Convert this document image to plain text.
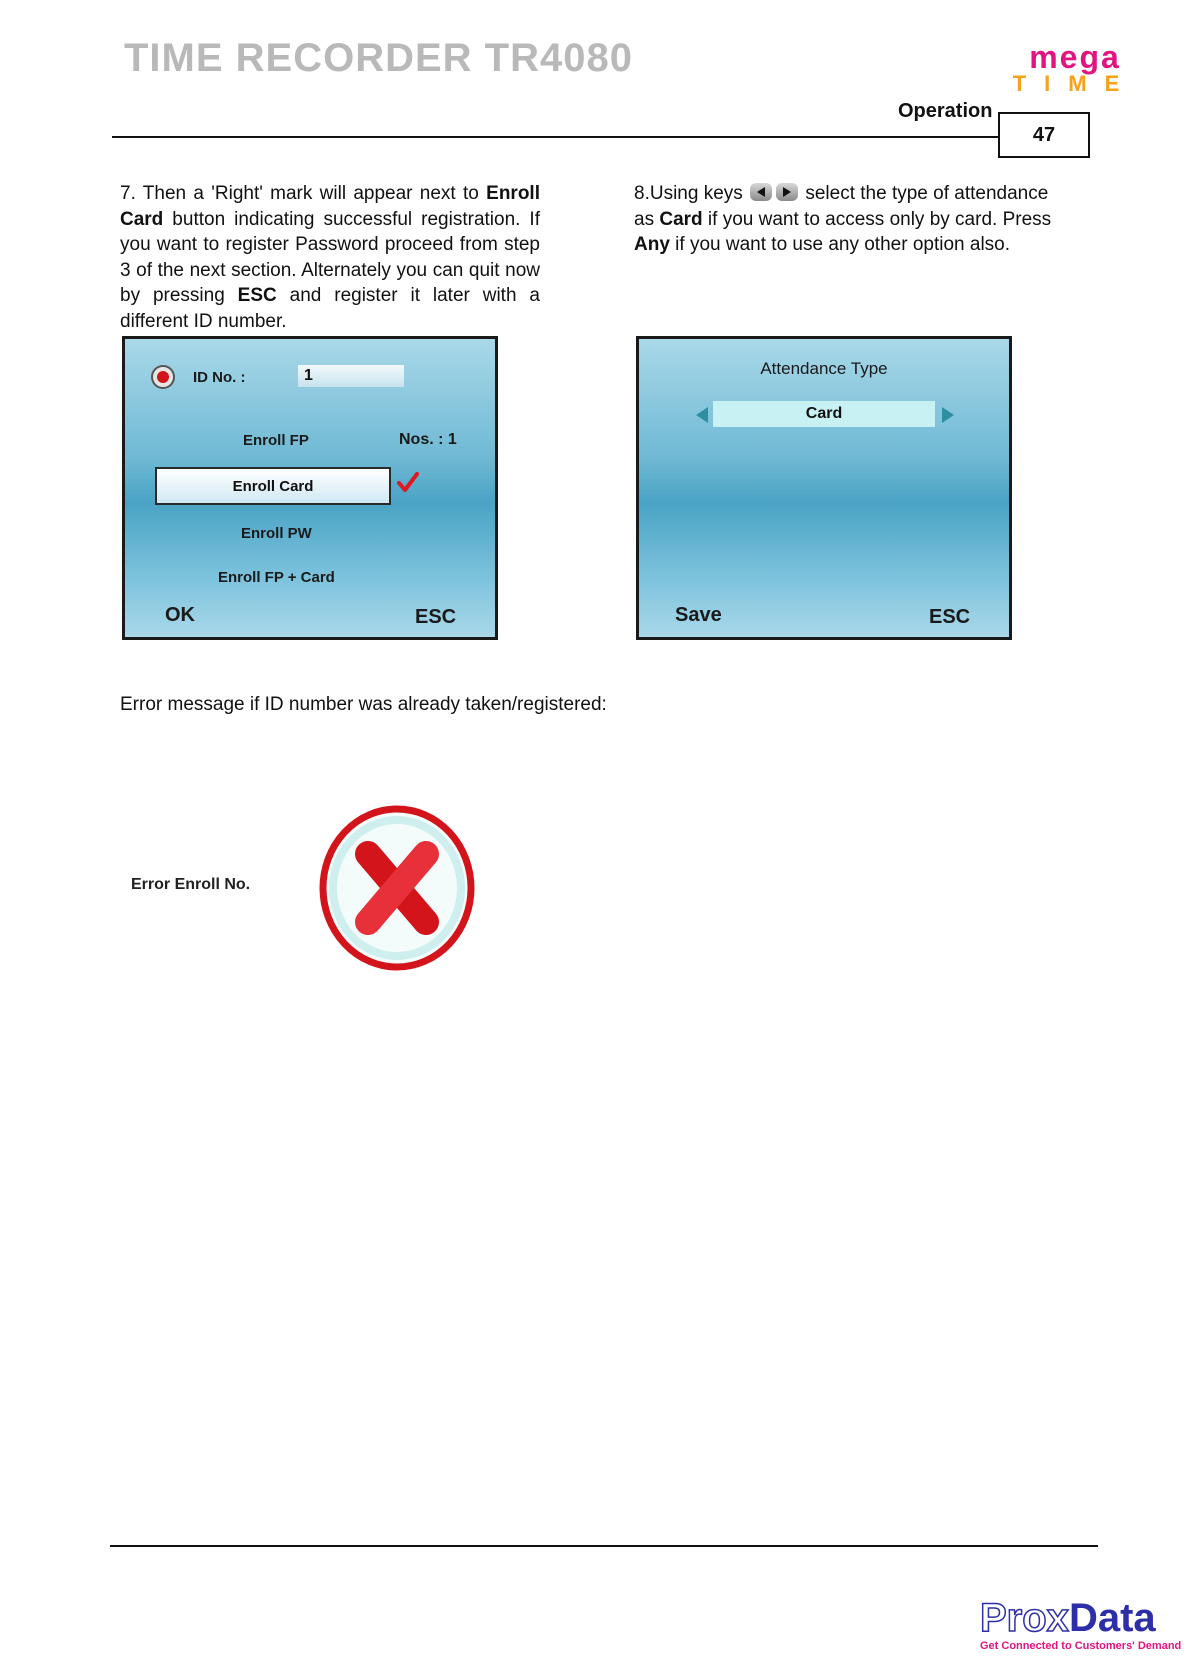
TIME RECORDER TR4080	mega
TIME
Operation
47
7. Then a 'Right' mark will appear next to Enroll Card button indicating successful registration. If you want to register Password proceed from step 3 of the next section. Alternately you can quit now by pressing ESC and register it later with a different ID number.
8.Using keys	select the type of attendance as Card if you want to access only by card. Press Any if you want to use any other option also.
ID No. :	1
Enroll FP	Nos. : 1
Enroll Card
Enroll PW
Enroll FP + Card
OK	ESC
Attendance Type
Card
Save	ESC
Error message if ID number was already taken/registered:
Error Enroll No.
ProxData
Get Connected to Customers' Demand
